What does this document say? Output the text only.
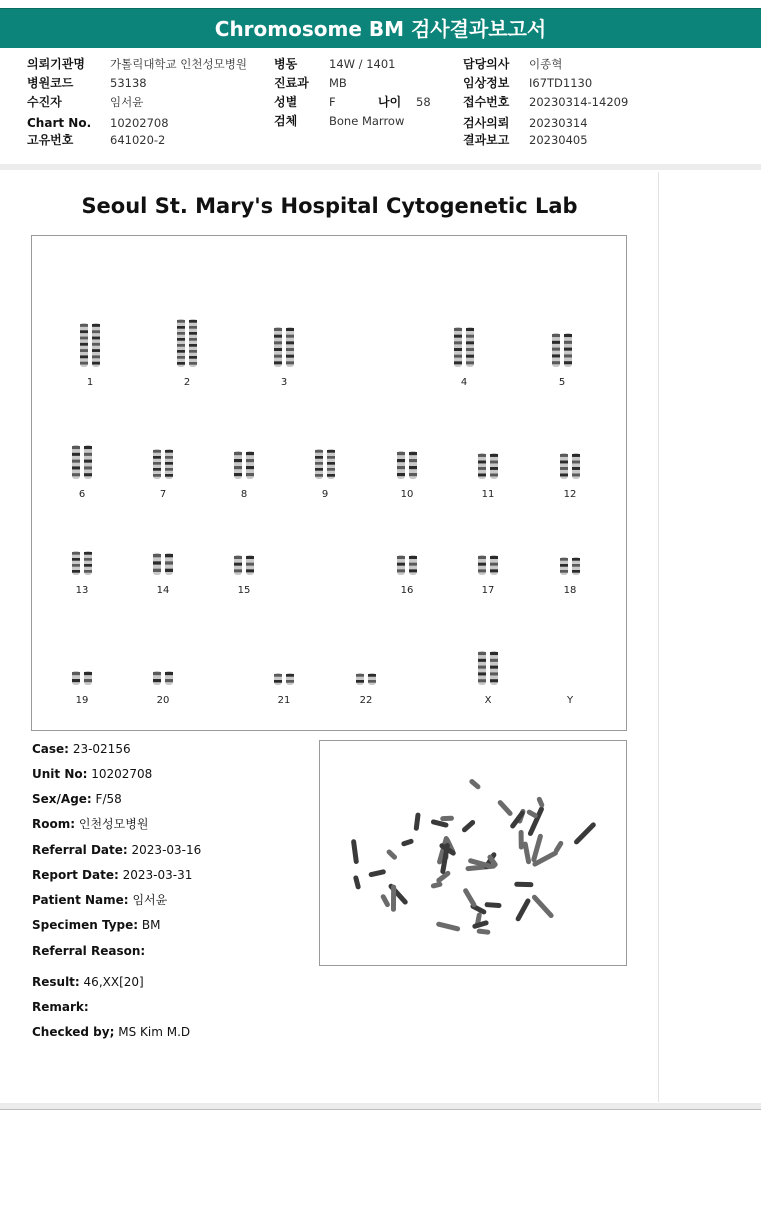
Chromosome BM 검사결과보고서
의뢰기관명 가톨릭대학교 인천성모병원
병원코드	53138
수진자	임서윤
Chart No. 10202708
고유번호	641020-2
병동	14W / 1401
진료과 MB
성별	F	나이 58
검체	Bone Marrow
담당의사 이종혁
임상정보 I67TD1130
접수번호 20230314-14209
검사의뢰 20230314
결과보고 20230405
Seoul St. Mary's Hospital Cytogenetic Lab
1	2	3	4	5
6	7	8	9	10	11	12
13	14	15	16	17	18
19	20	21	22	X	Y
Case: 23-02156
Unit No: 10202708
Sex/Age: F/58
Room: 인천성모병원
Referral Date: 2023-03-16
Report Date: 2023-03-31
Patient Name: 임서윤
Specimen Type: BM
Referral Reason:
Result: 46,XX[20]
Remark:
Checked by; MS Kim M.D
